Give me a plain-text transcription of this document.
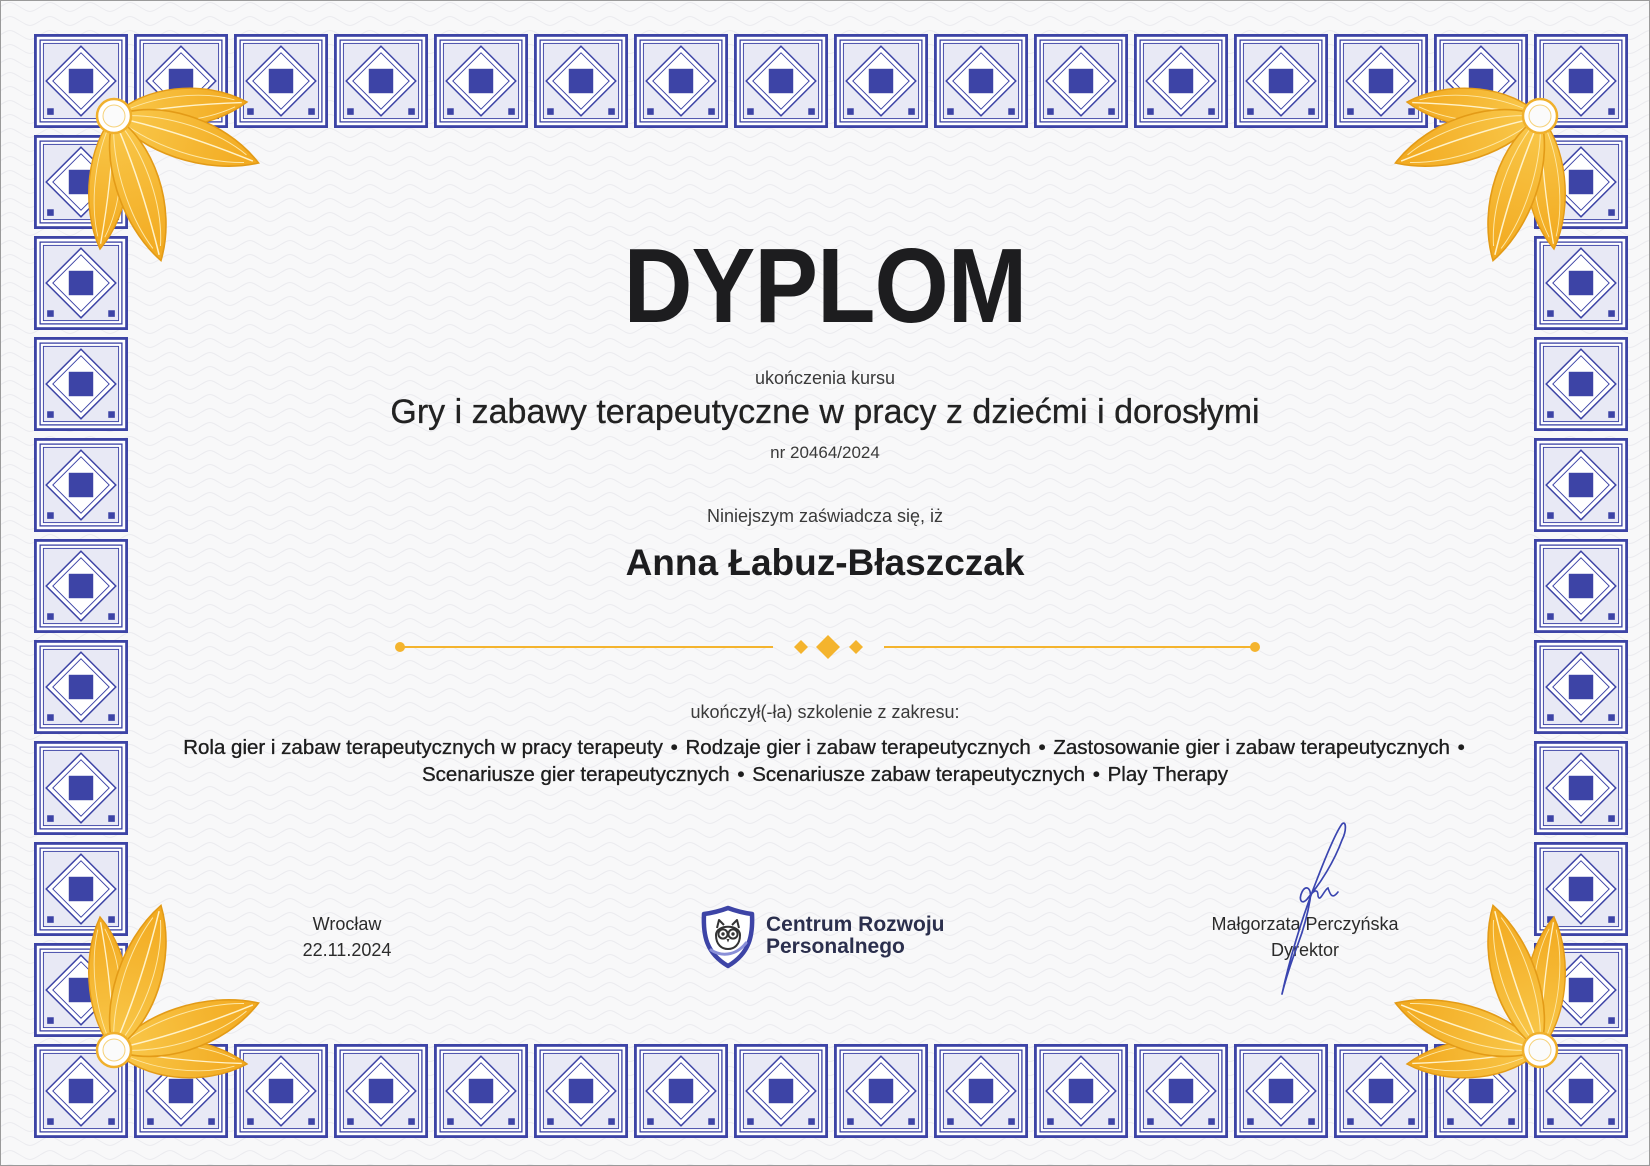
DYPLOM
ukończenia kursu
Gry i zabawy terapeutyczne w pracy z dziećmi i dorosłymi
nr 20464/2024
Niniejszym zaświadcza się, iż
Anna Łabuz-Błaszczak
ukończył(-ła) szkolenie z zakresu:
Rola gier i zabaw terapeutycznych w pracy terapeuty • Rodzaje gier i zabaw terapeutycznych • Zastosowanie gier i zabaw terapeutycznych •
Scenariusze gier terapeutycznych • Scenariusze zabaw terapeutycznych • Play Therapy
Wrocław
22.11.2024
Centrum Rozwoju
Personalnego
Małgorzata Perczyńska
Dyrektor
